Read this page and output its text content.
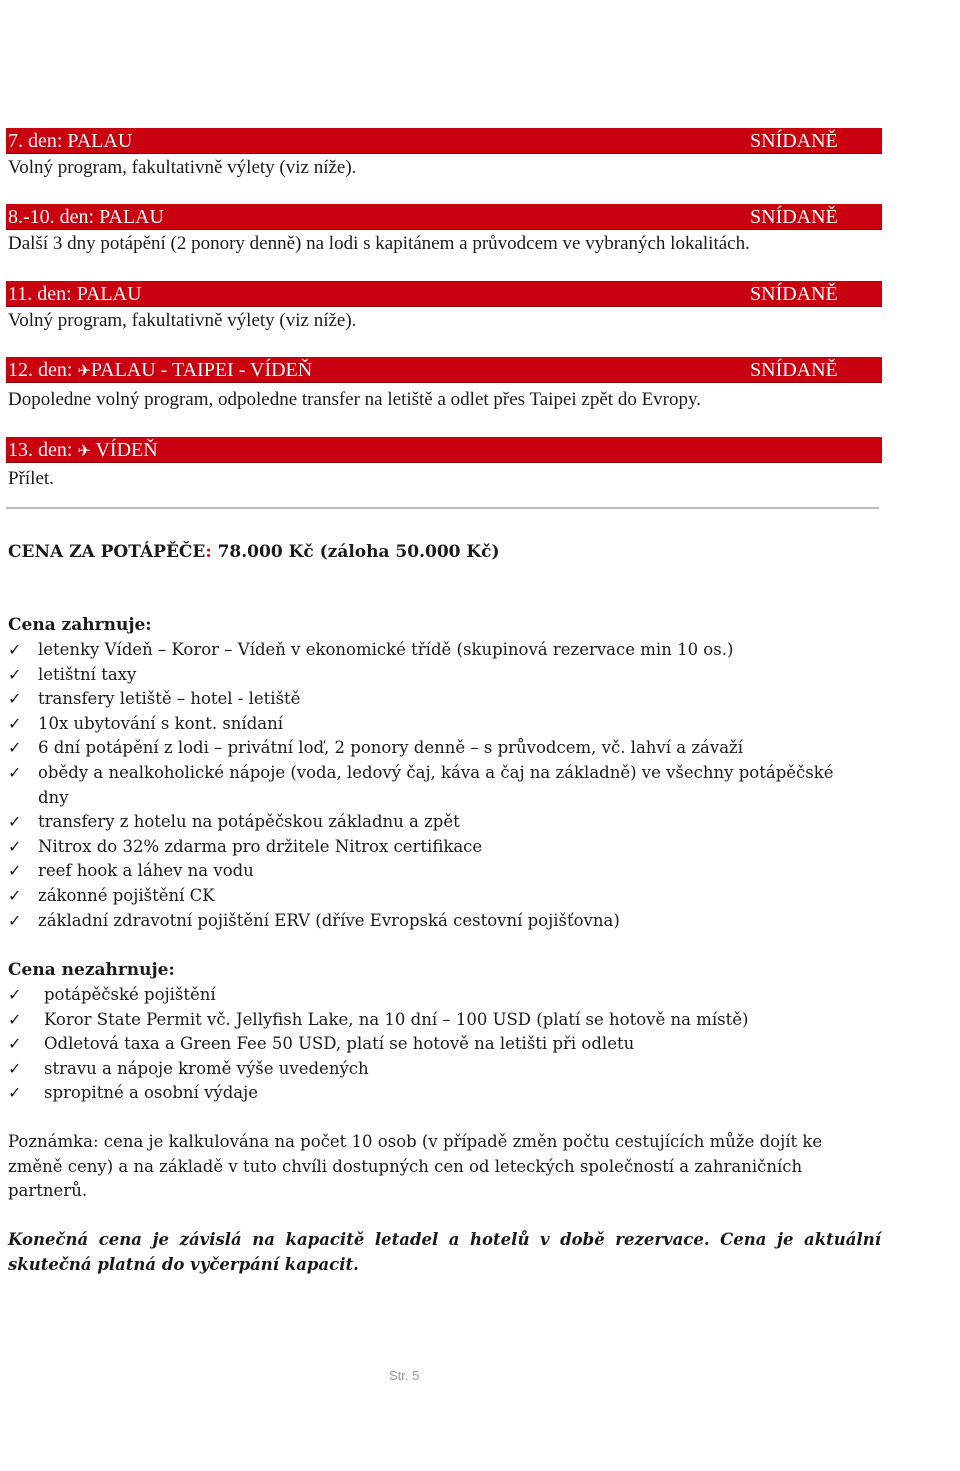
7. den: PALAU	SNÍDANĚ
Volný program, fakultativně výlety (viz níže).
8.-10. den: PALAU	SNÍDANĚ
Další 3 dny potápění (2 ponory denně) na lodi s kapitánem a průvodcem ve vybraných lokalitách.
11. den: PALAU	SNÍDANĚ
Volný program, fakultativně výlety (viz níže).
12. den: ✈PALAU - TAIPEI - VÍDEŇ	SNÍDANĚ
Dopoledne volný program, odpoledne transfer na letiště a odlet přes Taipei zpět do Evropy.
13. den: ✈ VÍDEŇ
Přílet.
CENA ZA POTÁPĚČE: 78.000 Kč (záloha 50.000 Kč)
Cena zahrnuje:
✓ letenky Vídeň – Koror – Vídeň v ekonomické třídě (skupinová rezervace min 10 os.)
✓ letištní taxy
✓ transfery letiště – hotel - letiště
✓ 10x ubytování s kont. snídaní
✓ 6 dní potápění z lodi – privátní loď, 2 ponory denně – s průvodcem, vč. lahví a závaží
✓ obědy a nealkoholické nápoje (voda, ledový čaj, káva a čaj na základně) ve všechny potápěčské dny
✓ transfery z hotelu na potápěčskou základnu a zpět
✓ Nitrox do 32% zdarma pro držitele Nitrox certifikace
✓ reef hook a láhev na vodu
✓ zákonné pojištění CK
✓ základní zdravotní pojištění ERV (dříve Evropská cestovní pojišťovna)
Cena nezahrnuje:
✓ potápěčské pojištění
✓ Koror State Permit vč. Jellyfish Lake, na 10 dní – 100 USD (platí se hotově na místě)
✓ Odletová taxa a Green Fee 50 USD, platí se hotově na letišti při odletu
✓ stravu a nápoje kromě výše uvedených
✓ spropitné a osobní výdaje
Poznámka: cena je kalkulována na počet 10 osob (v případě změn počtu cestujících může dojít ke změně ceny) a na základě v tuto chvíli dostupných cen od leteckých společností a zahraničních partnerů.
Konečná cena je závislá na kapacitě letadel a hotelů v době rezervace. Cena je aktuální
skutečná platná do vyčerpání kapacit.
Str. 5
